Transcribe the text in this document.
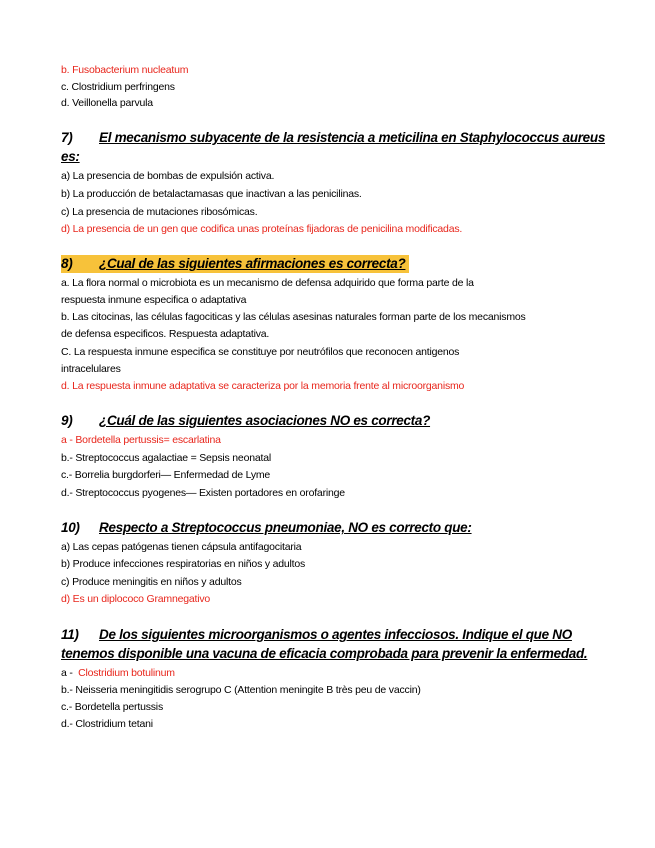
b. Fusobacterium nucleatum
c. Clostridium perfringens
d. Veillonella parvula
7) El mecanismo subyacente de la resistencia a meticilina en Staphylococcus aureus
es:
a) La presencia de bombas de expulsión activa.
b) La producción de betalactamasas que inactivan a las penicilinas.
c) La presencia de mutaciones ribosómicas.
d) La presencia de un gen que codifica unas proteínas fijadoras de penicilina modificadas.
8) ¿Cual de las siguientes afirmaciones es correcta?
a. La flora normal o microbiota es un mecanismo de defensa adquirido que forma parte de la
respuesta inmune especifica o adaptativa
b. Las citocinas, las células fagociticas y las células asesinas naturales forman parte de los mecanismos
de defensa especificos. Respuesta adaptativa.
C. La respuesta inmune especifica se constituye por neutrófilos que reconocen antigenos
intracelulares
d. La respuesta inmune adaptativa se caracteriza por la memoria frente al microorganismo
9) ¿Cuál de las siguientes asociaciones NO es correcta?
a - Bordetella pertussis= escarlatina
b.- Streptococcus agalactiae = Sepsis neonatal
c.- Borrelia burgdorferi— Enfermedad de Lyme
d.- Streptococcus pyogenes— Existen portadores en orofaringe
10) Respecto a Streptococcus pneumoniae, NO es correcto que:
a) Las cepas patógenas tienen cápsula antifagocitaria
b) Produce infecciones respiratorias en niños y adultos
c) Produce meningitis en niños y adultos
d) Es un diplococo Gramnegativo
11) De los siguientes microorganismos o agentes infecciosos. Indique el que NO
tenemos disponible una vacuna de eficacia comprobada para prevenir la enfermedad.
a -  Clostridium botulinum
b.- Neisseria meningitidis serogrupo C (Attention meningite B très peu de vaccin)
c.- Bordetella pertussis
d.- Clostridium tetani
